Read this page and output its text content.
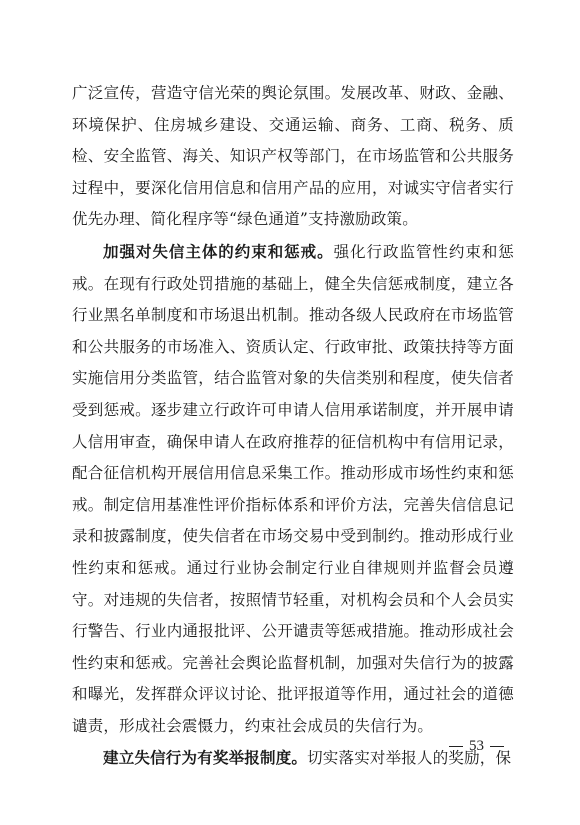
广泛宣传，营造守信光荣的舆论氛围。发展改革、财政、金融、环境保护、住房城乡建设、交通运输、商务、工商、税务、质检、安全监管、海关、知识产权等部门，在市场监管和公共服务过程中，要深化信用信息和信用产品的应用，对诚实守信者实行优先办理、简化程序等“绿色通道”支持激励政策。

加强对失信主体的约束和惩戒。强化行政监管性约束和惩戒。在现有行政处罚措施的基础上，健全失信惩戒制度，建立各行业黑名单制度和市场退出机制。推动各级人民政府在市场监管和公共服务的市场准入、资质认定、行政审批、政策扶持等方面实施信用分类监管，结合监管对象的失信类别和程度，使失信者受到惩戒。逐步建立行政许可申请人信用承诺制度，并开展申请人信用审查，确保申请人在政府推荐的征信机构中有信用记录，配合征信机构开展信用信息采集工作。推动形成市场性约束和惩戒。制定信用基准性评价指标体系和评价方法，完善失信信息记录和披露制度，使失信者在市场交易中受到制约。推动形成行业性约束和惩戒。通过行业协会制定行业自律规则并监督会员遵守。对违规的失信者，按照情节轻重，对机构会员和个人会员实行警告、行业内通报批评、公开谴责等惩戒措施。推动形成社会性约束和惩戒。完善社会舆论监督机制，加强对失信行为的披露和曝光，发挥群众评议讨论、批评报道等作用，通过社会的道德谴责，形成社会震慑力，约束社会成员的失信行为。

建立失信行为有奖举报制度。切实落实对举报人的奖励，保

53
